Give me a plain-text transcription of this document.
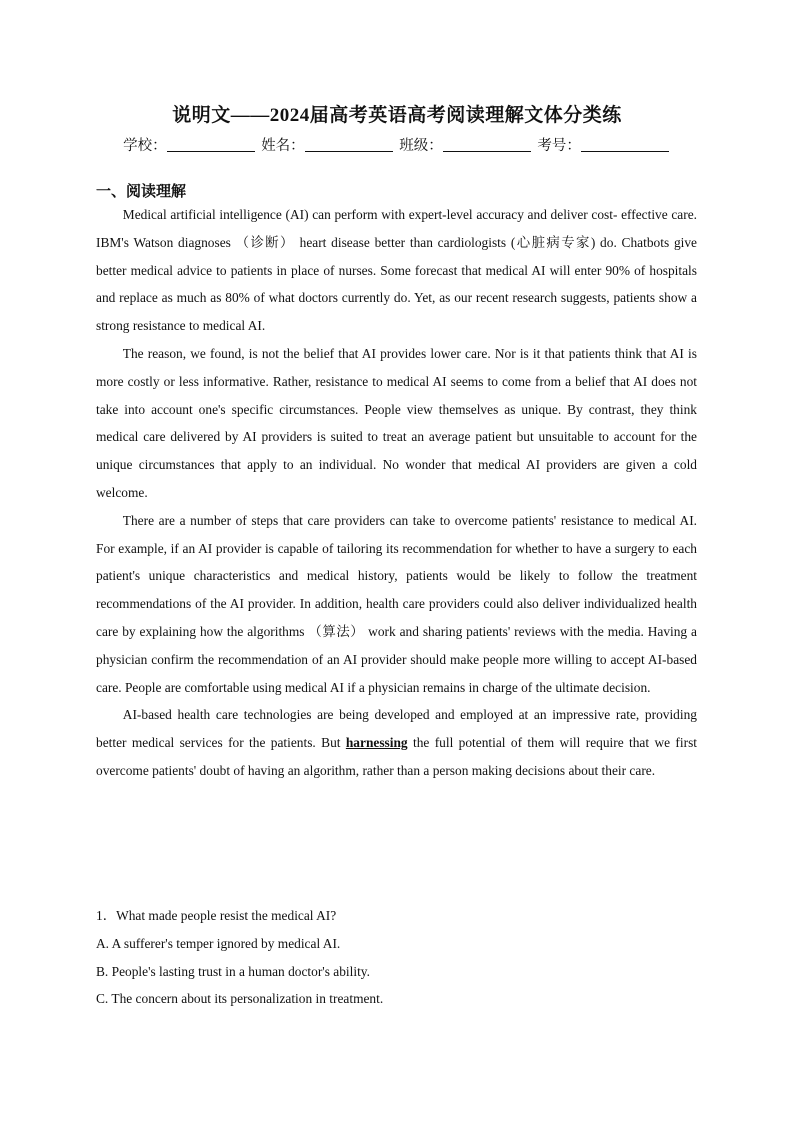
说明文——2024届高考英语高考阅读理解文体分类练
学校：	姓名：	班级：	考号：
一、阅读理解

Medical artificial intelligence (AI) can perform with expert-level accuracy and deliver cost- effective care. IBM's Watson diagnoses （诊断） heart disease better than cardiologists (心脏病专家) do. Chatbots give better medical advice to patients in place of nurses. Some forecast that medical AI will enter 90% of hospitals and replace as much as 80% of what doctors currently do. Yet, as our recent research suggests, patients show a strong resistance to medical AI.

The reason, we found, is not the belief that AI provides lower care. Nor is it that patients think that AI is more costly or less informative. Rather, resistance to medical AI seems to come from a belief that AI does not take into account one's specific circumstances. People view themselves as unique. By contrast, they think medical care delivered by AI providers is suited to treat an average patient but unsuitable to account for the unique circumstances that apply to an individual. No wonder that medical AI providers are given a cold welcome.

There are a number of steps that care providers can take to overcome patients' resistance to medical AI. For example, if an AI provider is capable of tailoring its recommendation for whether to have a surgery to each patient's unique characteristics and medical history, patients would be likely to follow the treatment recommendations of the AI provider. In addition, health care providers could also deliver individualized health care by explaining how the algorithms （算法） work and sharing patients' reviews with the media. Having a physician confirm the recommendation of an AI provider should make people more willing to accept AI-based care. People are comfortable using medical AI if a physician remains in charge of the ultimate decision.

AI-based health care technologies are being developed and employed at an impressive rate, providing better medical services for the patients. But harnessing the full potential of them will require that we first overcome patients' doubt of having an algorithm, rather than a person making decisions about their care.

1．What made people resist the medical AI?
A. A sufferer's temper ignored by medical AI.
B. People's lasting trust in a human doctor's ability.
C. The concern about its personalization in treatment.
